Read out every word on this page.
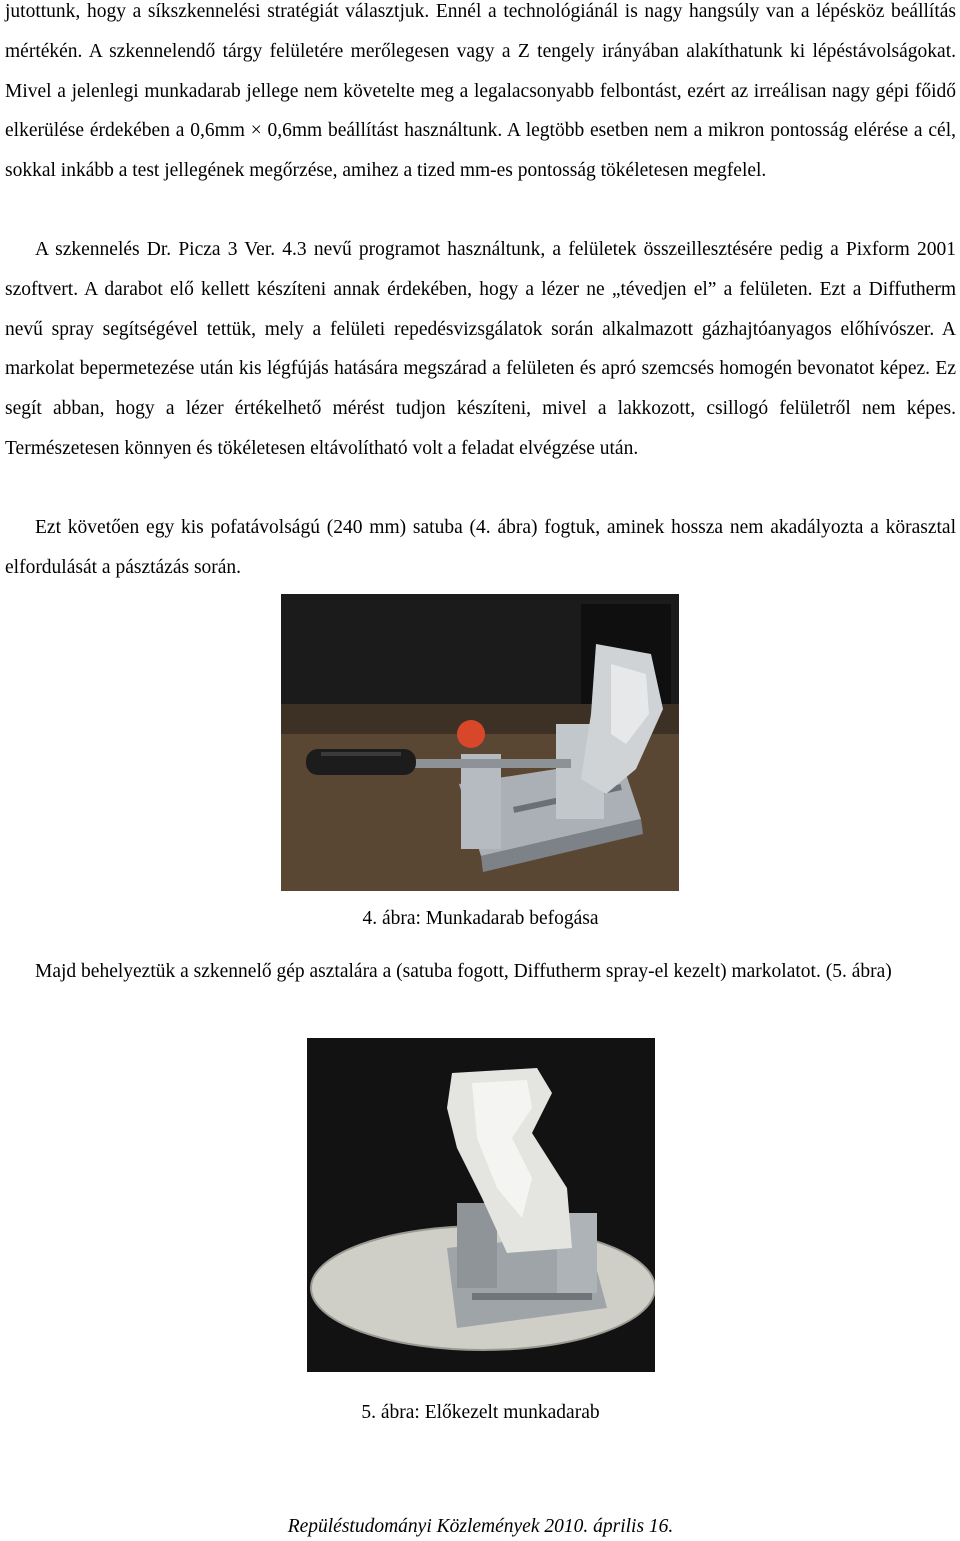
jutottunk, hogy a síkszkennelési stratégiát választjuk. Ennél a technológiánál is nagy hangsúly van a lépésköz beállítás mértékén. A szkennelendő tárgy felületére merőlegesen vagy a Z tengely irányában alakíthatunk ki lépéstávolságokat. Mivel a jelenlegi munkadarab jellege nem követelte meg a legalacsonyabb felbontást, ezért az irreálisan nagy gépi főidő elkerülése érdekében a 0,6mm × 0,6mm beállítást használtunk. A legtöbb esetben nem a mikron pontosság elérése a cél, sokkal inkább a test jellegének megőrzése, amihez a tized mm-es pontosság tökéletesen megfelel.

A szkennelés Dr. Picza 3 Ver. 4.3 nevű programot használtunk, a felületek összeillesztésére pedig a Pixform 2001 szoftvert. A darabot elő kellett készíteni annak érdekében, hogy a lézer ne „tévedjen el” a felületen. Ezt a Diffutherm nevű spray segítségével tettük, mely a felületi repedésvizsgálatok során alkalmazott gázhajtóanyagos előhívószer. A markolat bepermetezése után kis légfújás hatására megszárad a felületen és apró szemcsés homogén bevonatot képez. Ez segít abban, hogy a lézer értékelhető mérést tudjon készíteni, mivel a lakkozott, csillogó felületről nem képes. Természetesen könnyen és tökéletesen eltávolítható volt a feladat elvégzése után.

Ezt követően egy kis pofatávolságú (240 mm) satuba (4. ábra) fogtuk, aminek hossza nem akadályozta a körasztal elfordulását a pásztázás során.

4. ábra: Munkadarab befogása

Majd behelyeztük a szkennelő gép asztalára a (satuba fogott, Diffutherm spray-el kezelt) markolatot. (5. ábra)

5. ábra: Előkezelt munkadarab
Repüléstudományi Közlemények 2010. április 16.
